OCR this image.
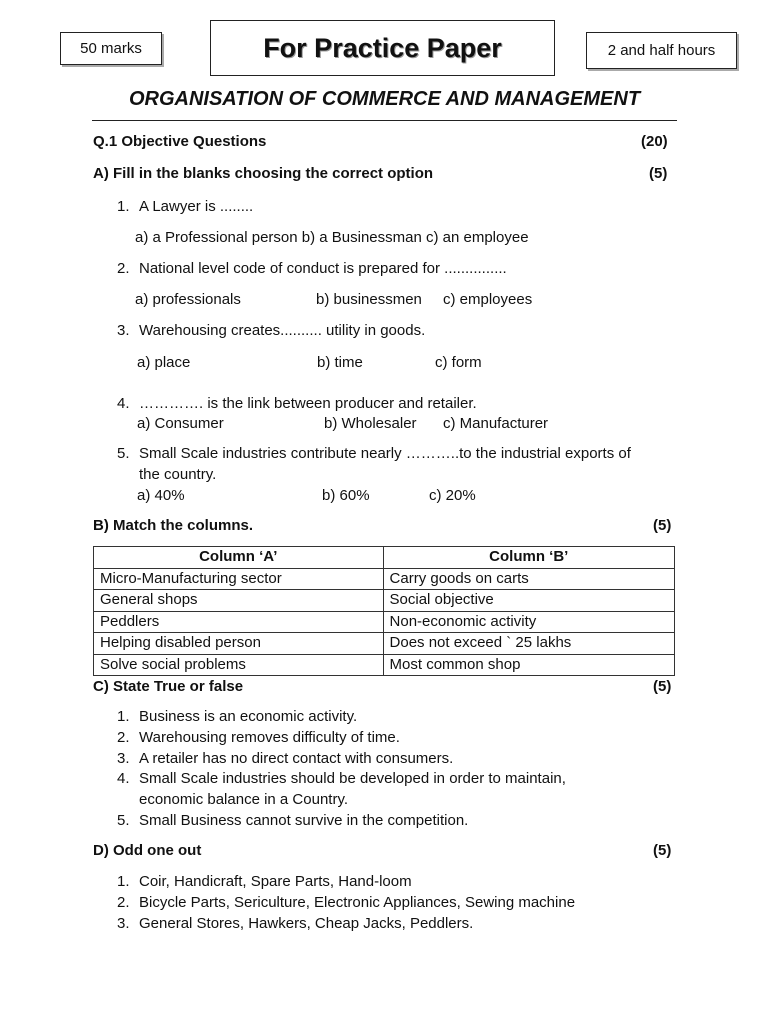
50 marks	For Practice Paper	2 and half hours
ORGANISATION OF COMMERCE AND MANAGEMENT
Q.1 Objective Questions	(20)
A) Fill in the blanks choosing the correct option	(5)
1. A Lawyer is ........
a) a Professional person b) a Businessman c) an employee
2. National level code of conduct is prepared for ...............
a) professionals	b) businessmen c) employees
3. Warehousing creates.......... utility in goods.
a) place	b) time	c) form
4. …………. is the link between producer and retailer.
a) Consumer	b) Wholesaler c) Manufacturer
5. Small Scale industries contribute nearly ………..to the industrial exports of
the country.
a) 40%	b) 60%	c) 20%
B) Match the columns.	(5)
Column ‘A’	Column ‘B’
Micro-Manufacturing sector	Carry goods on carts
General shops	Social objective
Peddlers	Non-economic activity
Helping disabled person	Does not exceed ` 25 lakhs
Solve social problems	Most common shop
C) State True or false	(5)
1. Business is an economic activity.
2. Warehousing removes difficulty of time.
3. A retailer has no direct contact with consumers.
4. Small Scale industries should be developed in order to maintain,
economic balance in a Country.
5. Small Business cannot survive in the competition.
D) Odd one out	(5)
1. Coir, Handicraft, Spare Parts, Hand-loom
2. Bicycle Parts, Sericulture, Electronic Appliances, Sewing machine
3. General Stores, Hawkers, Cheap Jacks, Peddlers.
